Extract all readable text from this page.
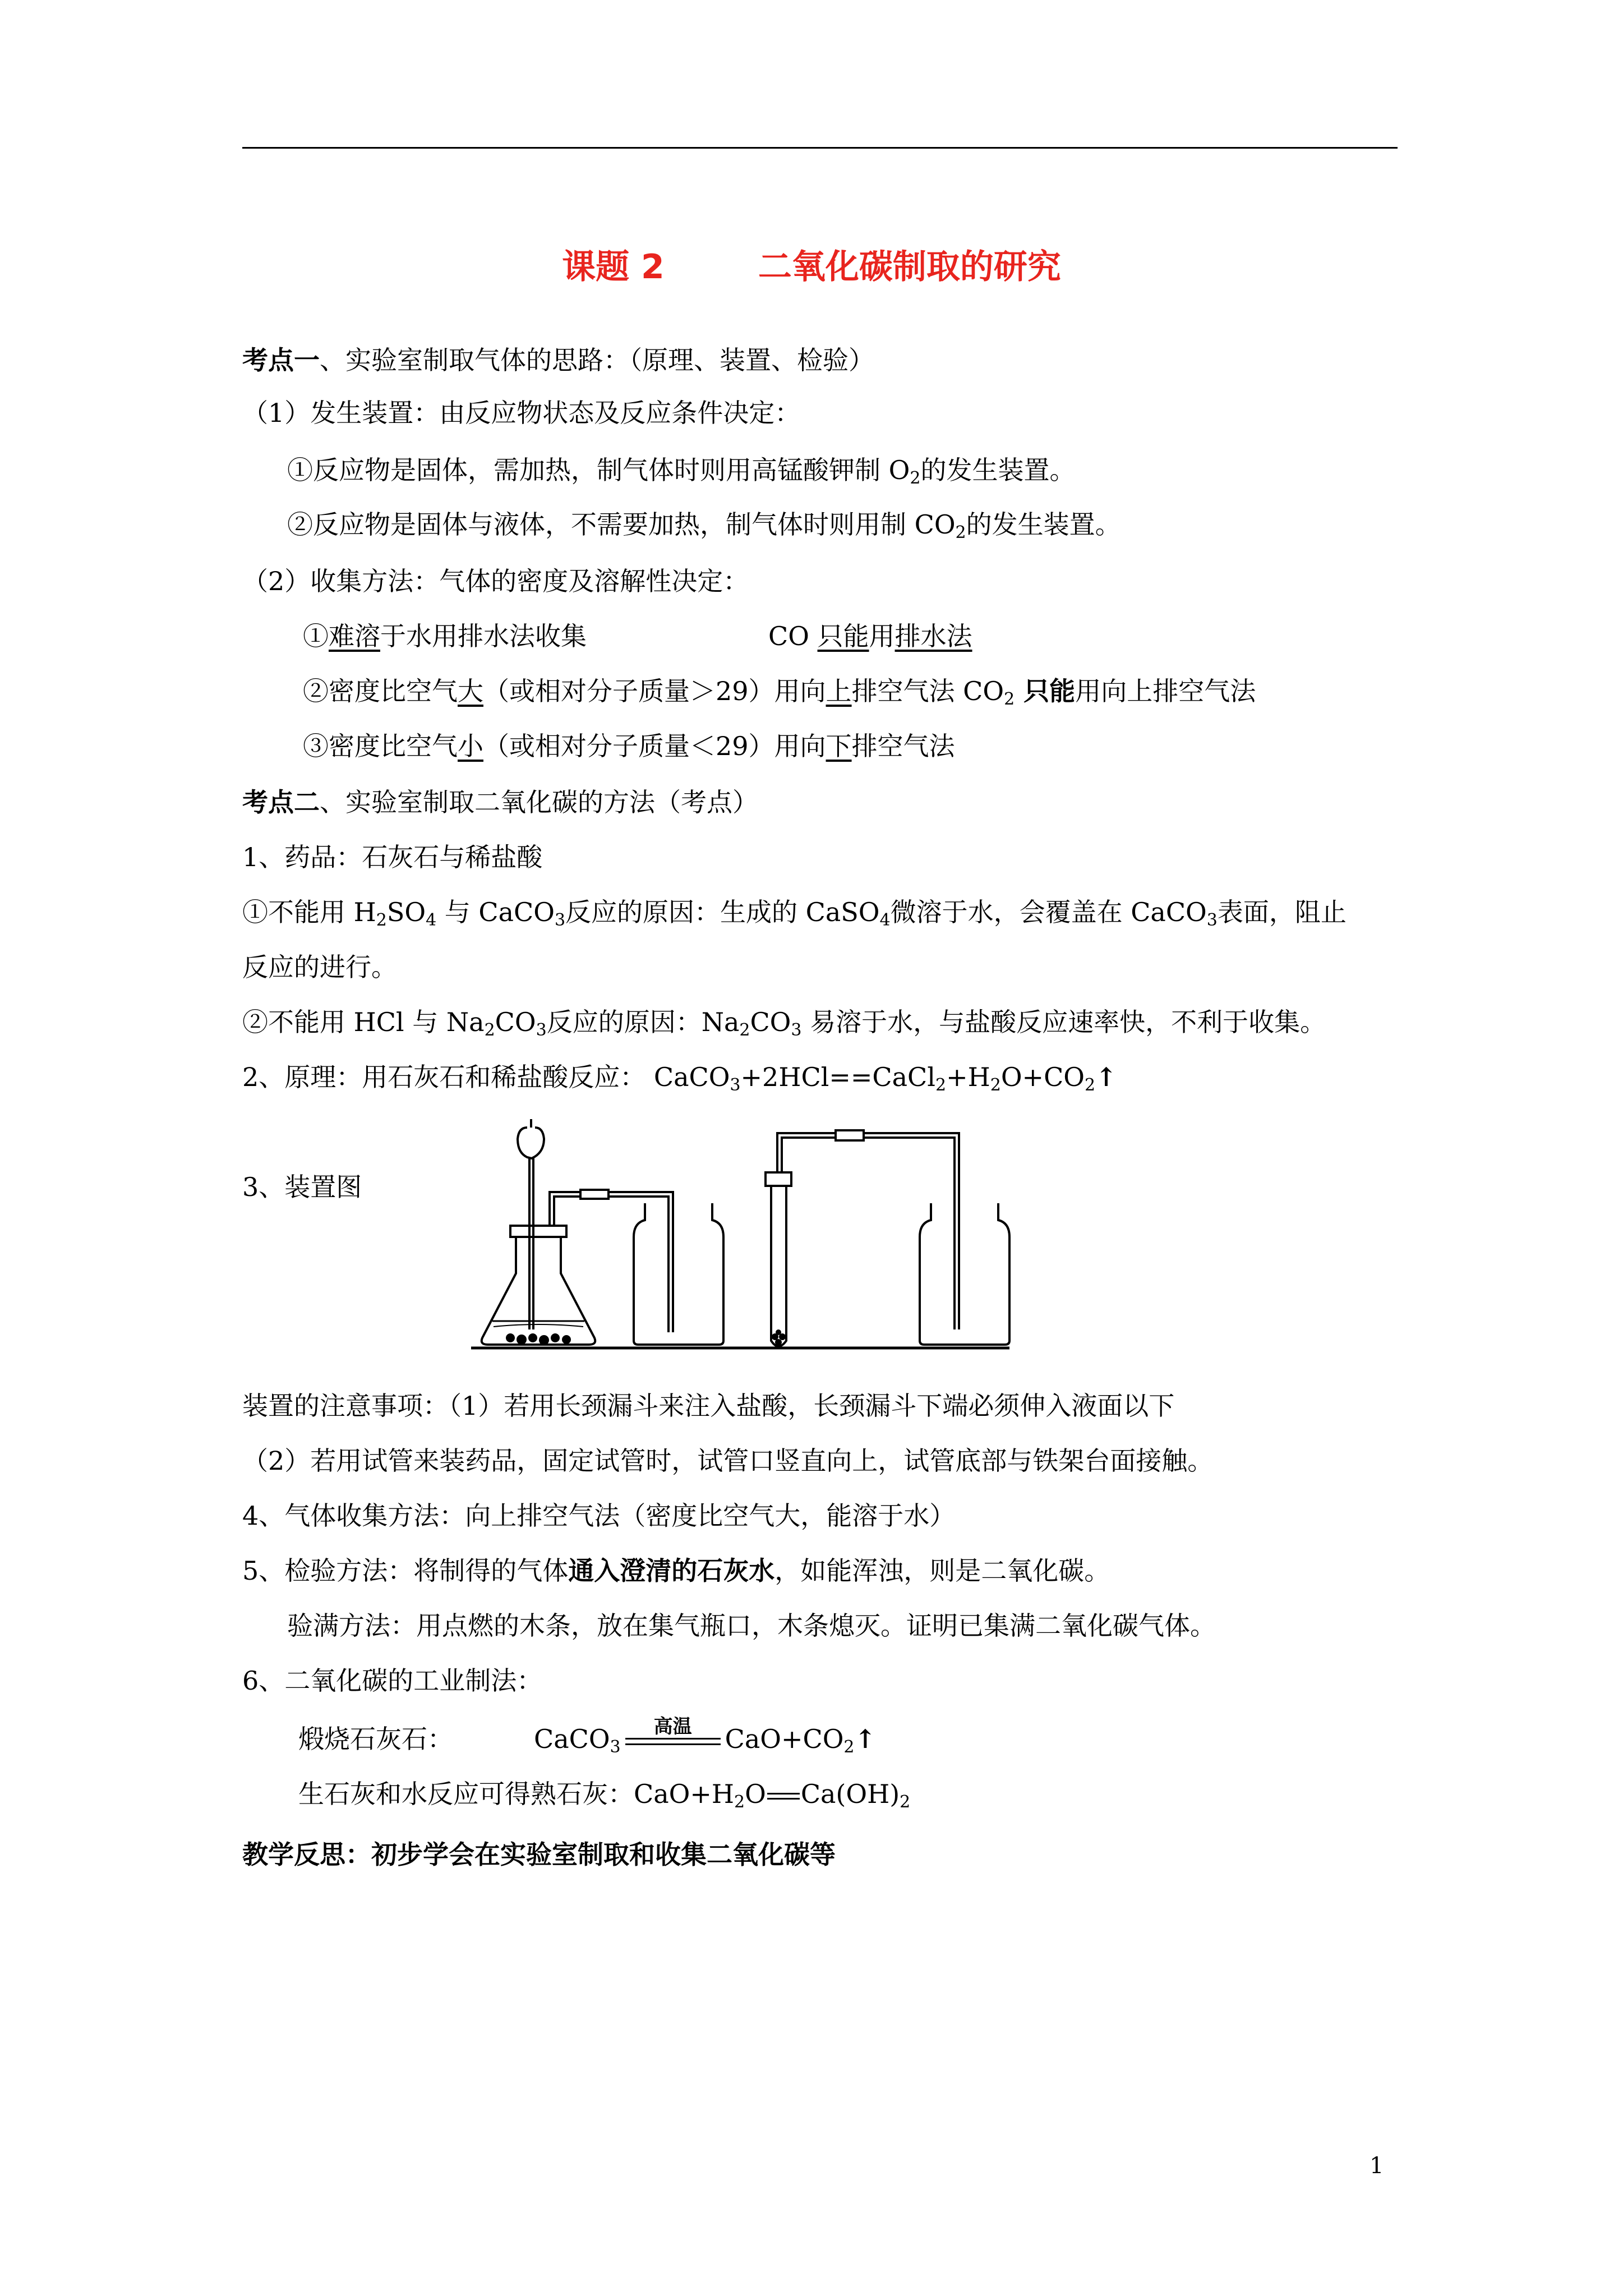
课题 2	二氧化碳制取的研究
考点一、实验室制取气体的思路：（原理、装置、检验）
（1）发生装置：由反应物状态及反应条件决定：
①反应物是固体，需加热，制气体时则用高锰酸钾制 $O_2$的发生装置。
②反应物是固体与液体，不需要加热，制气体时则用制 $CO_2$的发生装置。
（2）收集方法：气体的密度及溶解性决定：
①难溶于水用排水法收集	CO 只能用排水法
②密度比空气大（或相对分子质量＞29）用向上排空气法 $CO_2$ 只能用向上排空气法
③密度比空气小（或相对分子质量＜29）用向下排空气法
考点二、实验室制取二氧化碳的方法（考点）
1、药品：石灰石与稀盐酸
①不能用 $H_2SO_4$ 与 CaCO$_3$反应的原因：生成的 CaSO$_4$微溶于水，会覆盖在 CaCO$_3$表面，阻止
反应的进行。
②不能用 HCl 与 $Na_2CO_3$反应的原因：$Na_2CO_3$ 易溶于水，与盐酸反应速率快，不利于收集。
2、原理：用石灰石和稀盐酸反应： $CaCO_3+2HCl==CaCl_2+H_2O+CO_2↑$
3、装置图
装置的注意事项：（1）若用长颈漏斗来注入盐酸，长颈漏斗下端必须伸入液面以下
（2）若用试管来装药品，固定试管时，试管口竖直向上，试管底部与铁架台面接触。
4、气体收集方法：向上排空气法（密度比空气大，能溶于水）
5、检验方法：将制得的气体通入澄清的石灰水，如能浑浊，则是二氧化碳。
验满方法：用点燃的木条，放在集气瓶口，木条熄灭。证明已集满二氧化碳气体。
6、二氧化碳的工业制法：
煅烧石灰石：	CaCO$_3$
高温	$CaO+CO_2↑$
生石灰和水反应可得熟石灰：$CaO+H_2O$ $Ca(OH)_2$
教学反思：初步学会在实验室制取和收集二氧化碳等
1
